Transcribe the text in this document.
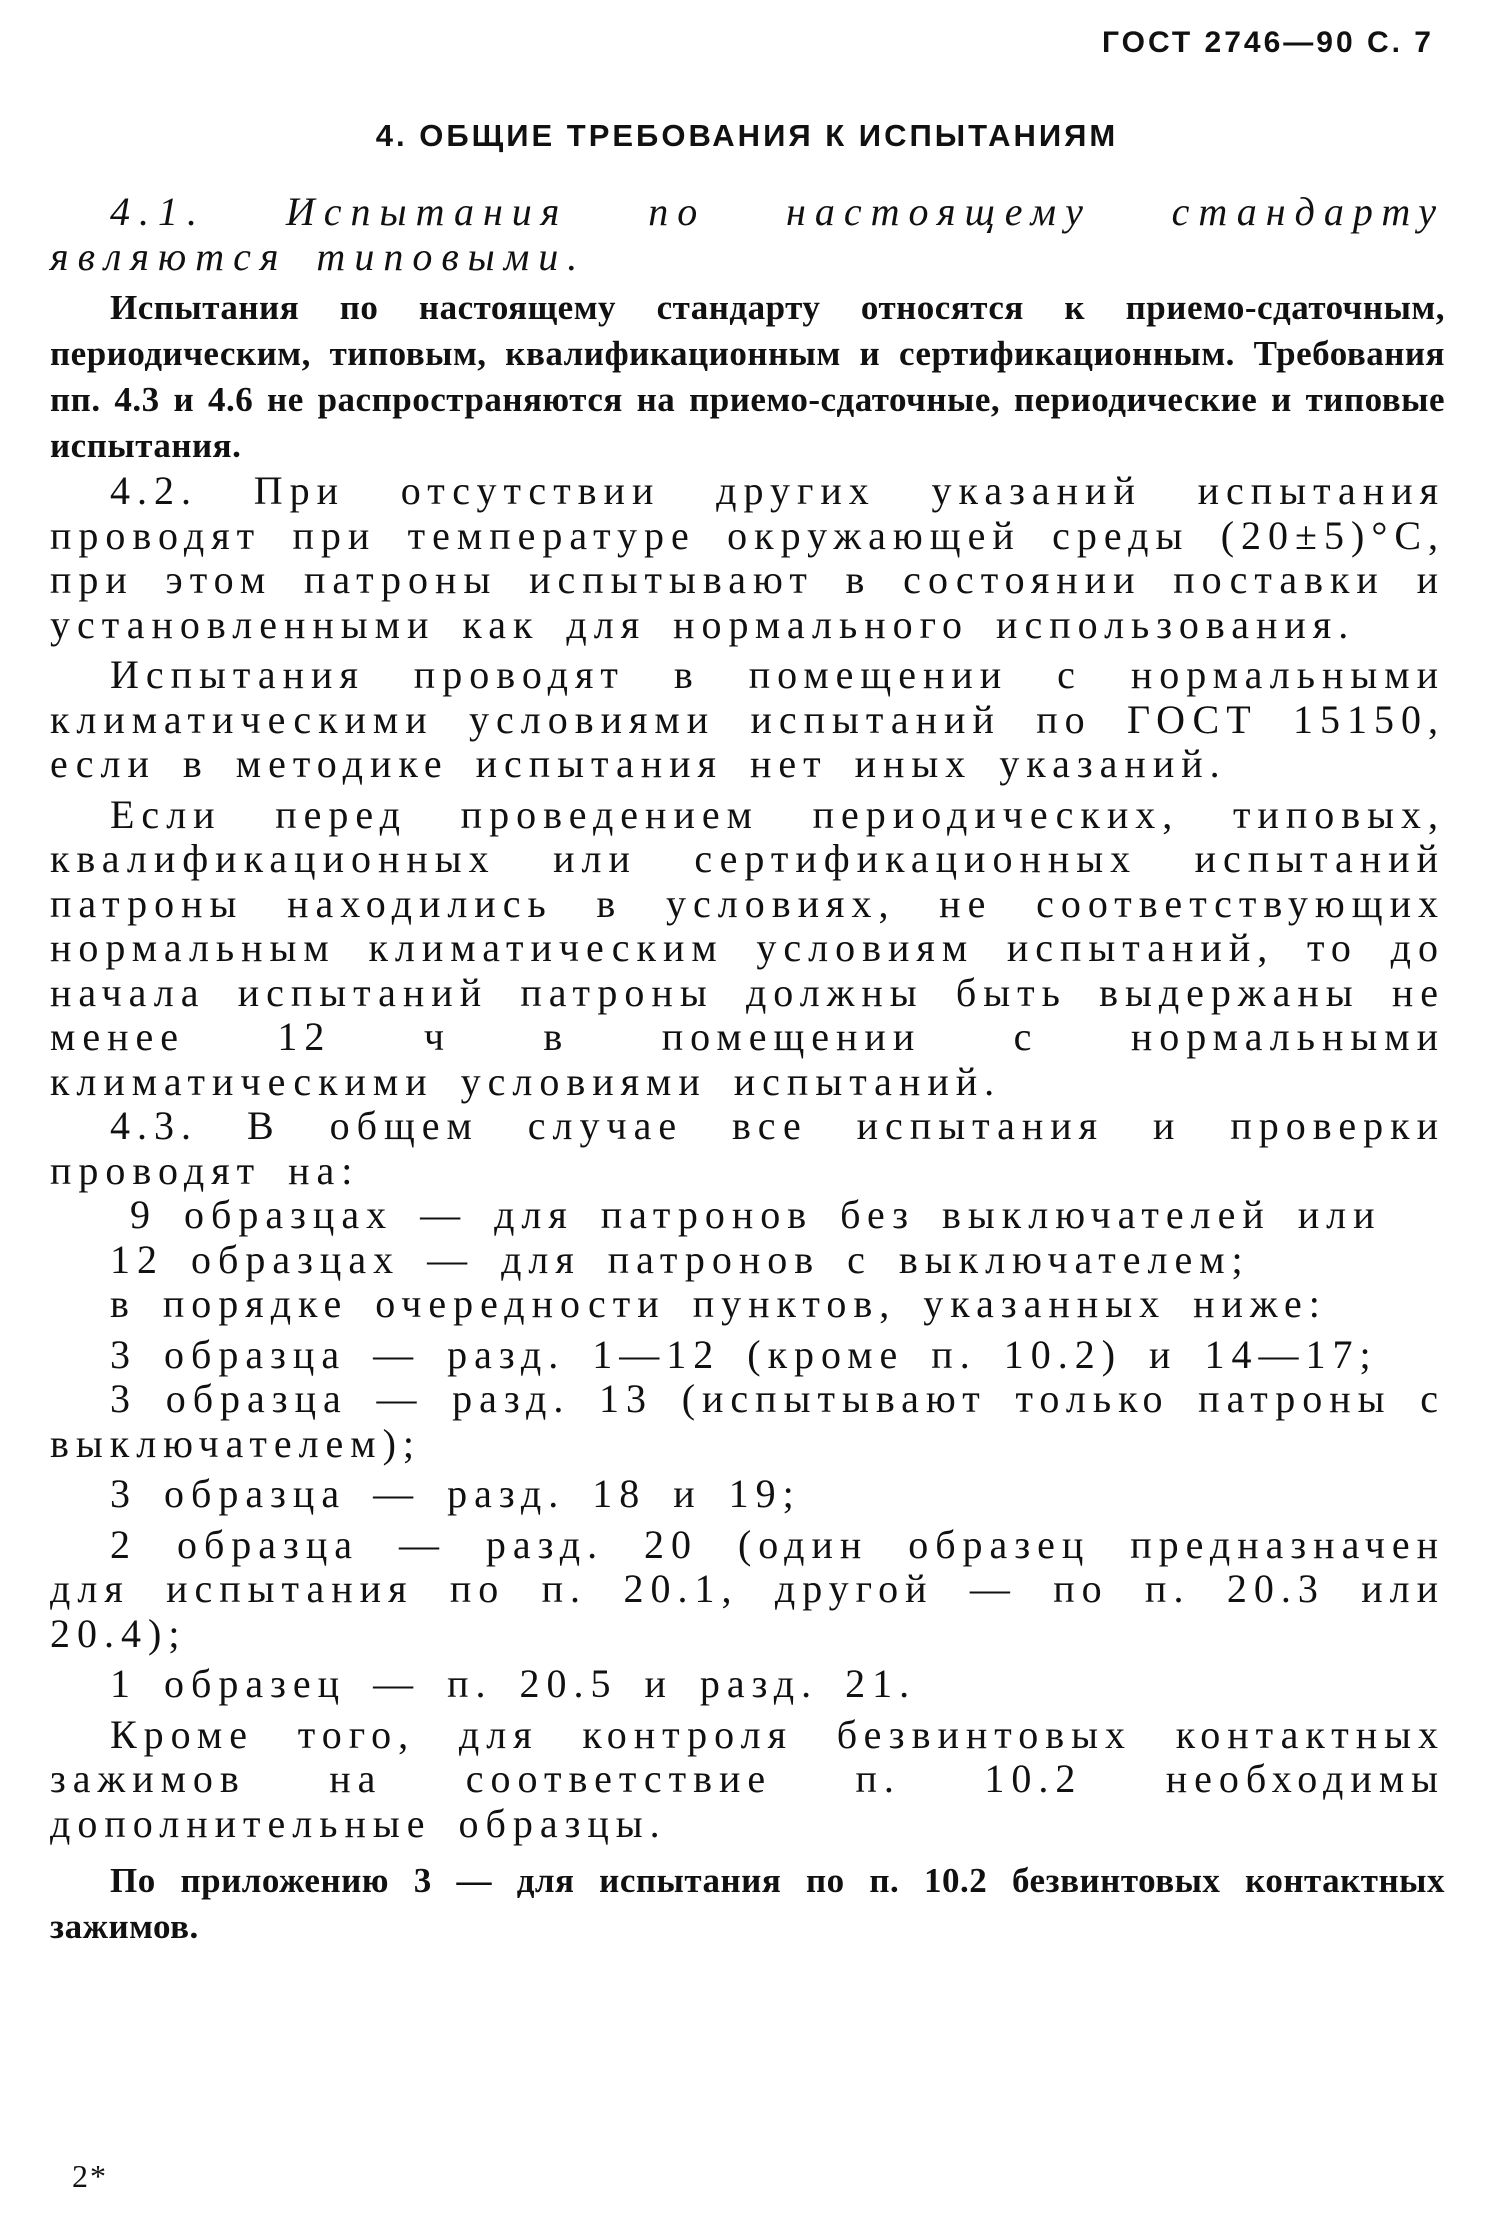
ГОСТ 2746—90 С. 7
4. ОБЩИЕ ТРЕБОВАНИЯ К ИСПЫТАНИЯМ

4.1. Испытания по настоящему стандарту являются типовыми.

Испытания по настоящему стандарту относятся к приемо-сдаточным, периодическим, типовым, квалификационным и сертификационным. Требования пп. 4.3 и 4.6 не распространяются на приемо-сдаточные, периодические и типовые испытания.

4.2. При отсутствии других указаний испытания проводят при температуре окружающей среды (20±5)°С, при этом патроны испытывают в состоянии поставки и установленными как для нормального использования.

Испытания проводят в помещении с нормальными климатическими условиями испытаний по ГОСТ 15150, если в методике испытания нет иных указаний.

Если перед проведением периодических, типовых, квалификационных или сертификационных испытаний патроны находились в условиях, не соответствующих нормальным климатическим условиям испытаний, то до начала испытаний патроны должны быть выдержаны не менее 12 ч в помещении с нормальными климатическими условиями испытаний.

4.3. В общем случае все испытания и проверки проводят на:

9 образцах — для патронов без выключателей или

12 образцах — для патронов с выключателем;

в порядке очередности пунктов, указанных ниже:

3 образца — разд. 1—12 (кроме п. 10.2) и 14—17;

3 образца — разд. 13 (испытывают только патроны с выключателем);

3 образца — разд. 18 и 19;

2 образца — разд. 20 (один образец предназначен для испытания по п. 20.1, другой — по п. 20.3 или 20.4);

1 образец — п. 20.5 и разд. 21.

Кроме того, для контроля безвинтовых контактных зажимов на соответствие п. 10.2 необходимы дополнительные образцы.

По приложению 3 — для испытания по п. 10.2 безвинтовых контактных зажимов.

2*
